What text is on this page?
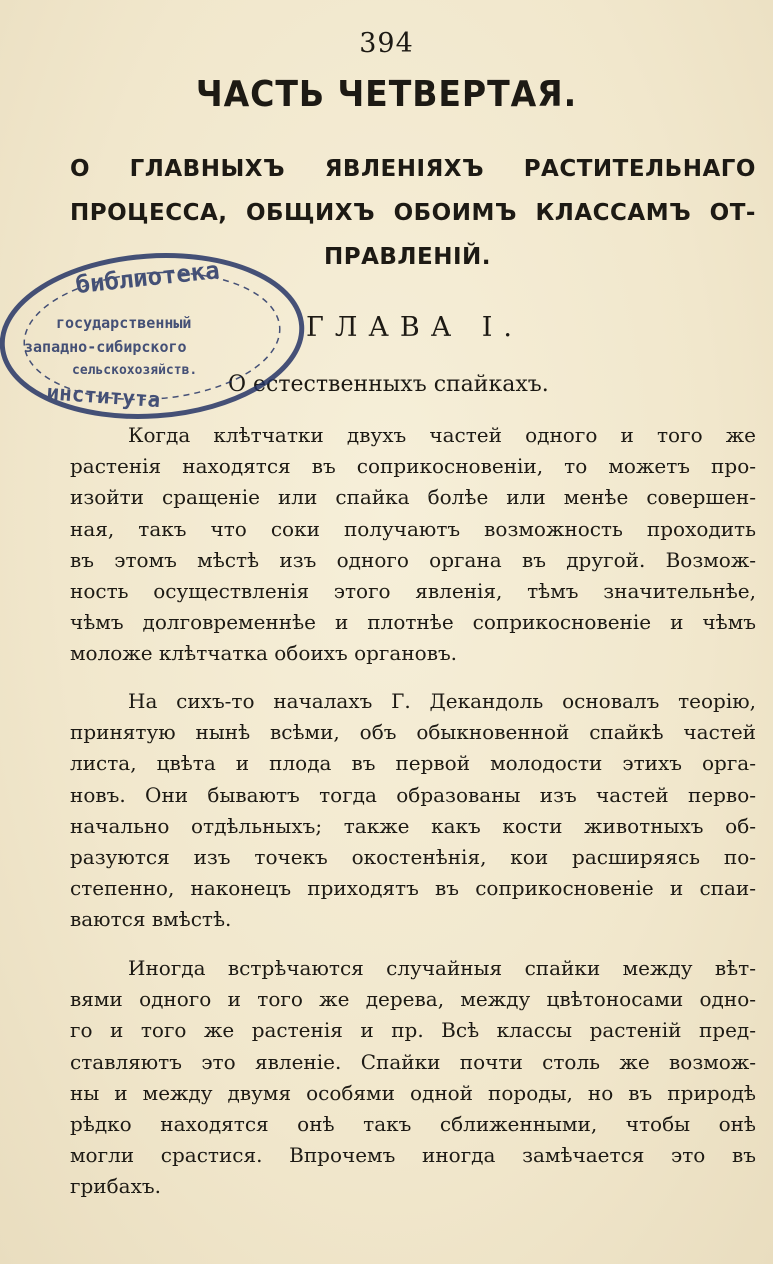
394
ЧАСТЬ ЧЕТВЕРТАЯ.
О ГЛАВНЫХЪ ЯВЛЕНІЯХЪ РАСТИТЕЛЬНАГО
ПРОЦЕССА, ОБЩИХЪ ОБОИМЪ КЛАССАМЪ ОТ-
ПРАВЛЕНІЙ.
ГЛАВА I.
О естественныхъ спайкахъ.
Когда клѣтчатки двухъ частей одного и того же
растенія находятся въ соприкосновеніи, то можетъ про-
изойти сращеніе или спайка болѣе или менѣе совершен-
ная, такъ что соки получаютъ возможность проходить
въ этомъ мѣстѣ изъ одного органа въ другой. Возмож-
ность осуществленія этого явленія, тѣмъ значительнѣе,
чѣмъ долговременнѣе и плотнѣе соприкосновеніе и чѣмъ
моложе клѣтчатка обоихъ органовъ.
На сихъ-то началахъ Г. Декандоль основалъ теорію,
принятую нынѣ всѣми, объ обыкновенной спайкѣ частей
листа, цвѣта и плода въ первой молодости этихъ орга-
новъ. Они бываютъ тогда образованы изъ частей перво-
начально отдѣльныхъ; также какъ кости животныхъ об-
разуются изъ точекъ окостенѣнія, кои расширяясь по-
степенно, наконецъ приходятъ въ соприкосновеніе и спаи-
ваются вмѣстѣ.
Иногда встрѣчаются случайныя спайки между вѣт-
вями одного и того же дерева, между цвѣтоносами одно-
го и того же растенія и пр. Всѣ классы растеній пред-
ставляютъ это явленіе. Спайки почти столь же возмож-
ны и между двумя особями одной породы, но въ природѣ
рѣдко находятся онѣ такъ сближенными, чтобы онѣ
могли срастися. Впрочемъ иногда замѣчается это въ
грибахъ.
библиотека
государственный
западно-сибирского
сельскохозяйств.
института
